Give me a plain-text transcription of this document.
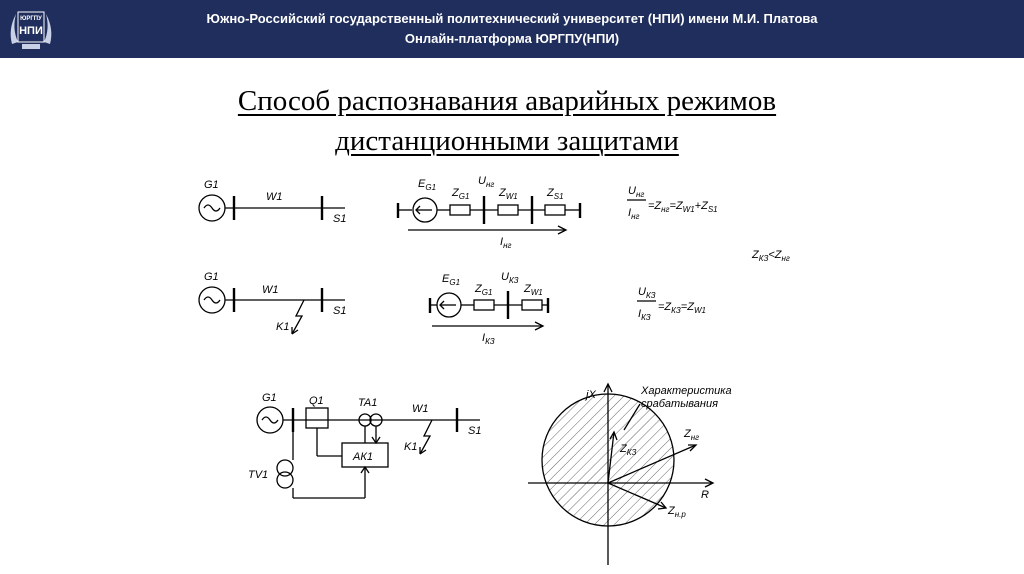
ЮРГПУ
НПИ
Южно-Российский государственный политехнический университет (НПИ) имени М.И. Платова
Онлайн-платформа ЮРГПУ(НПИ)
Способ распознавания аварийных режимов
дистанционными защитами
G1
W1
S1
$E_{G1}$ $Z_{G1}$
$U_{нг}$
$Z_{W1}$	$Z_{S1}$
$I_{нг}$
$U_{нг}$
$I_{нг}$
$=Z_{нг}=Z_{W1}+Z_{S1}$
$Z_{КЗ}<Z_{нг}$
G1
W1
K1
S1
$E_{G1}$
$Z_{G1}$
$U_{КЗ}$
$Z_{W1}$
$I_{КЗ}$
$U_{КЗ}$
$I_{КЗ}$
$=Z_{КЗ}=Z_{W1}$
G1	Q1	TA1	W1
K1
S1
TV1
АК1
jX
R
Характеристика
срабатывания
$Z_{КЗ}$
$Z_{нг}$
$Z_{н.р}$
